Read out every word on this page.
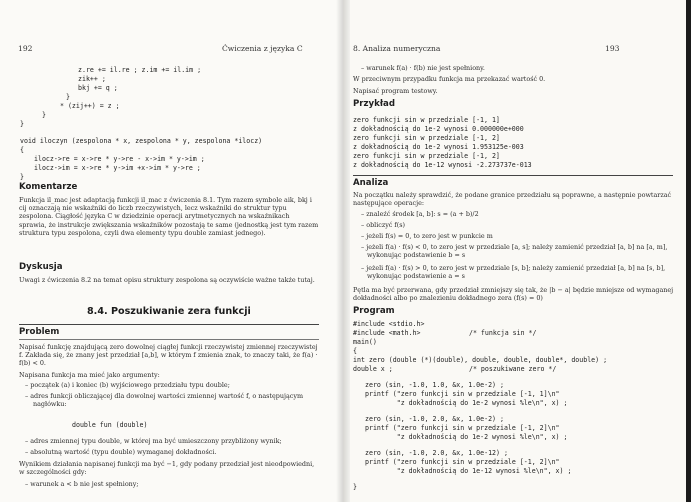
192	Ćwiczenia z języka C
z.re += il.re ; z.im += il.im ;
zik++ ;
bkj += q ;
}
* (zij++) = z ;
}
}
void iloczyn (zespolona * x, zespolona * y, zespolona *ilocz)
{
ilocz->re = x->re * y->re - x->im * y->im ;
ilocz->im = x->re * y->im +x->im * y->re ;
}
Komentarze
Funkcja il_mac jest adaptacją funkcji il_mac z ćwiczenia 8.1. Tym razem symbole aik, bkj i cij oznaczają nie wskaźniki do liczb rzeczywistych, lecz wskaźniki do struktur typu zespolona. Ciągłość języka C w dziedzinie operacji arytmetycznych na wskaźnikach sprawia, że instrukcje zwiększania wskaźników pozostają te same (jednostką jest tym razem struktura typu zespolona, czyli dwa elementy typu double zamiast jednego).
Dyskusja
Uwagi z ćwiczenia 8.2 na temat opisu struktury zespolona są oczywiście ważne także tutaj.
8.4. Poszukiwanie zera funkcji
Problem
Napisać funkcję znajdującą zero dowolnej ciągłej funkcji rzeczywistej zmiennej rzeczywistej f. Zakłada się, że znany jest przedział [a,b], w którym f zmienia znak, to znaczy taki, że f(a) · f(b) < 0.
Napisana funkcja ma mieć jako argumenty:
– początek (a) i koniec (b) wyjściowego przedziału typu double;
– adres funkcji obliczającej dla dowolnej wartości zmiennej wartość f, o następującym nagłówku:
double fun (double)
– adres zmiennej typu double, w której ma być umieszczony przybliżony wynik;
– absolutną wartość (typu double) wymaganej dokładności.
Wynikiem działania napisanej funkcji ma być −1, gdy podany przedział jest nieodpowiedni, w szczególności gdy:
– warunek a < b nie jest spełniony;
8. Analiza numeryczna	193
– warunek f(a) · f(b) nie jest spełniony.
W przeciwnym przypadku funkcja ma przekazać wartość 0.
Napisać program testowy.
Przykład
zero funkcji sin w przedziale [-1, 1]
z dokładnością do 1e-2 wynosi 0.000000e+000
zero funkcji sin w przedziale [-1, 2]
z dokładnością do 1e-2 wynosi 1.953125e-003
zero funkcji sin w przedziale [-1, 2]
z dokładnością do 1e-12 wynosi -2.273737e-013
Analiza
Na początku należy sprawdzić, że podane granice przedziału są poprawne, a następnie powtarzać następujące operacje:
– znaleźć środek [a, b]: s = (a + b)/2
– obliczyć f(s)
– jeżeli f(s) = 0, to zero jest w punkcie m
– jeżeli f(a) · f(s) < 0, to zero jest w przedziale [a, s]; należy zamienić przedział [a, b] na [a, m], wykonując podstawienie b = s
– jeżeli f(a) · f(s) > 0, to zero jest w przedziale [s, b]; należy zamienić przedział [a, b] na [s, b], wykonując podstawienie a = s
Pętla ma być przerwana, gdy przedział zmniejszy się tak, że |b − a| będzie mniejsze od wymaganej dokładności albo po znalezieniu dokładnego zera (f(s) = 0)
Program
#include <stdio.h>
#include <math.h>	/* funkcja sin */
main()
{
int zero (double (*)(double), double, double, double*, double) ;
double x ;	/* poszukiwane zero */
zero (sin, -1.0, 1.0, &x, 1.0e-2) ;
printf ("zero funkcji sin w przedziale [-1, 1]\n"
"z dokładnością do 1e-2 wynosi %le\n", x) ;
zero (sin, -1.0, 2.0, &x, 1.0e-2) ;
printf ("zero funkcji sin w przedziale [-1, 2]\n"
"z dokładnością do 1e-2 wynosi %le\n", x) ;
zero (sin, -1.0, 2.0, &x, 1.0e-12) ;
printf ("zero funkcji sin w przedziale [-1, 2]\n"
"z dokładnością do 1e-12 wynosi %le\n", x) ;
}
